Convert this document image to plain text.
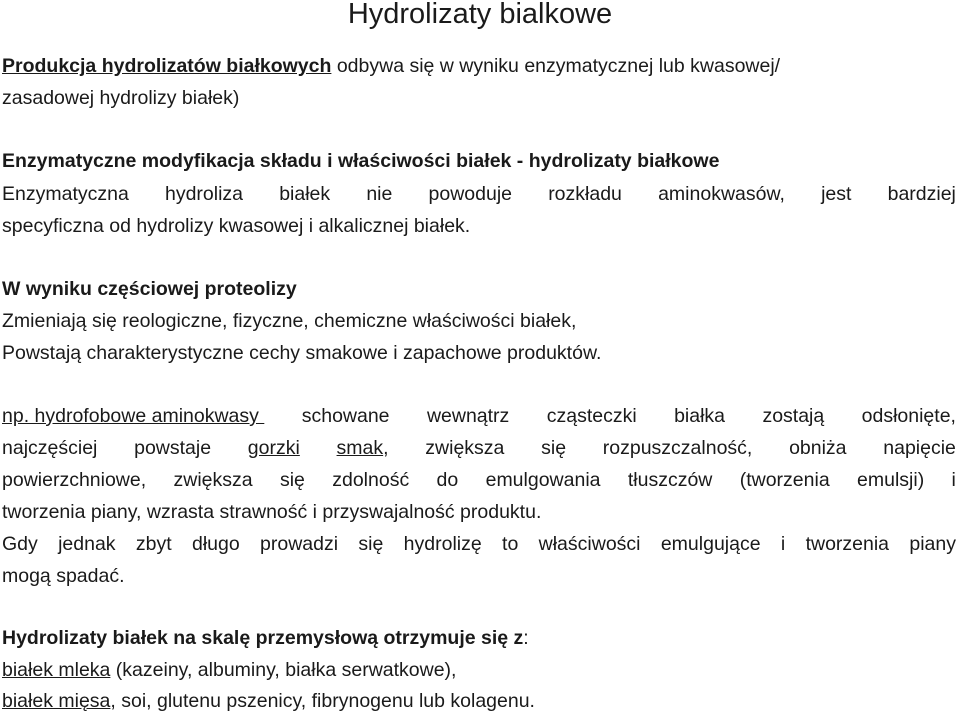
Hydrolizaty bialkowe
Produkcja hydrolizatów białkowych odbywa się w wyniku enzymatycznej lub kwasowej/
zasadowej hydrolizy białek)
Enzymatyczne modyfikacja składu i właściwości białek - hydrolizaty białkowe
Enzymatyczna hydroliza białek nie powoduje rozkładu aminokwasów, jest bardziej
specyficzna od hydrolizy kwasowej i alkalicznej białek.
W wyniku częściowej proteolizy
Zmieniają się reologiczne, fizyczne, chemiczne właściwości białek,
Powstają charakterystyczne cechy smakowe i zapachowe produktów.
np. hydrofobowe aminokwasy schowane wewnątrz cząsteczki białka zostają odsłonięte,
najczęściej powstaje gorzki smak, zwiększa się rozpuszczalność, obniża napięcie
powierzchniowe, zwiększa się zdolność do emulgowania tłuszczów (tworzenia emulsji) i
tworzenia piany, wzrasta strawność i przyswajalność produktu.
Gdy jednak zbyt długo prowadzi się hydrolizę to właściwości emulgujące i tworzenia piany
mogą spadać.
Hydrolizaty białek na skalę przemysłową otrzymuje się z:
białek mleka (kazeiny, albuminy, białka serwatkowe),
białek mięsa, soi, glutenu pszenicy, fibrynogenu lub kolagenu.
